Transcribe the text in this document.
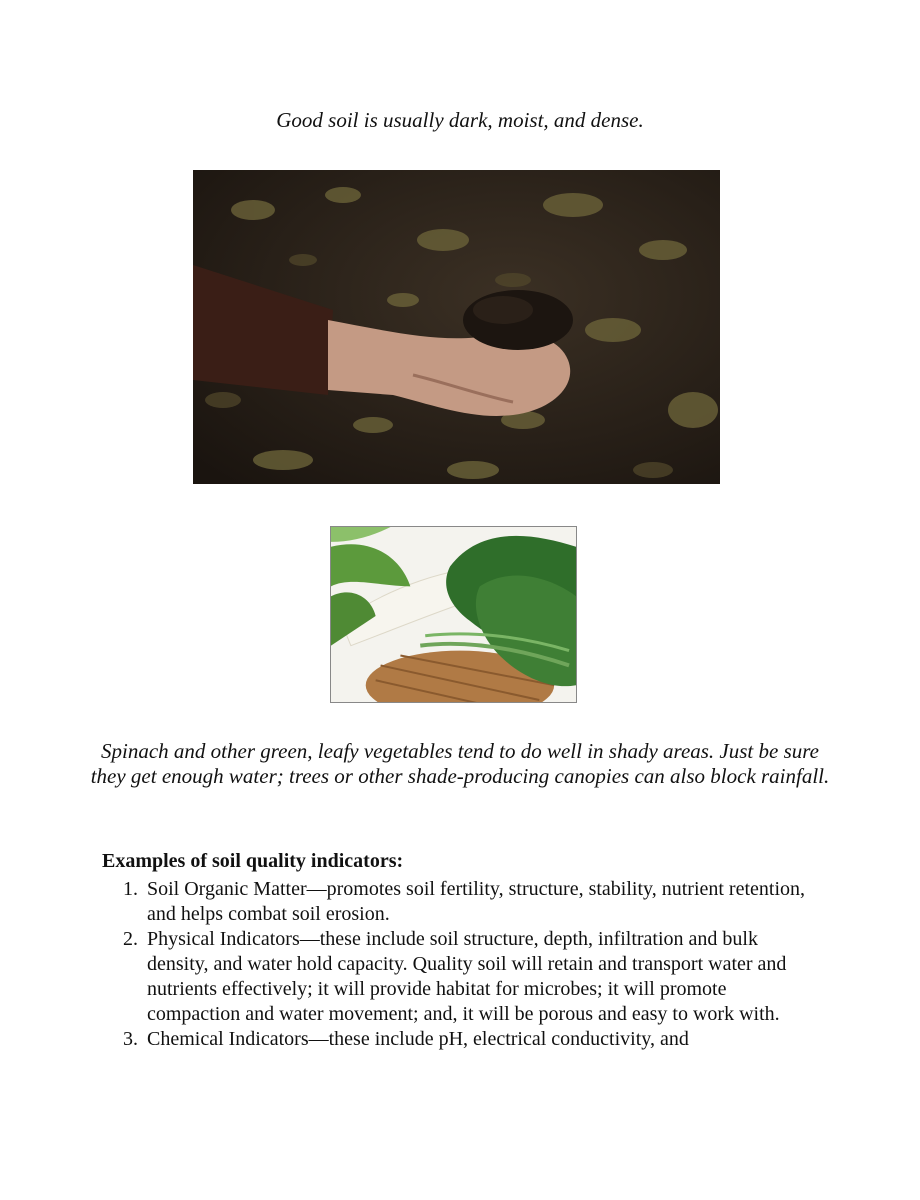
Good soil is usually dark, moist, and dense.

Spinach and other green, leafy vegetables tend to do well in shady areas. Just be sure they get enough water; trees or other shade-producing canopies can also block rainfall.

Examples of soil quality indicators:
1. Soil Organic Matter—promotes soil fertility, structure, stability, nutrient retention, and helps combat soil erosion.
2. Physical Indicators—these include soil structure, depth, infiltration and bulk density, and water hold capacity. Quality soil will retain and transport water and nutrients effectively; it will provide habitat for microbes; it will promote compaction and water movement; and, it will be porous and easy to work with.
3. Chemical Indicators—these include pH, electrical conductivity, and
